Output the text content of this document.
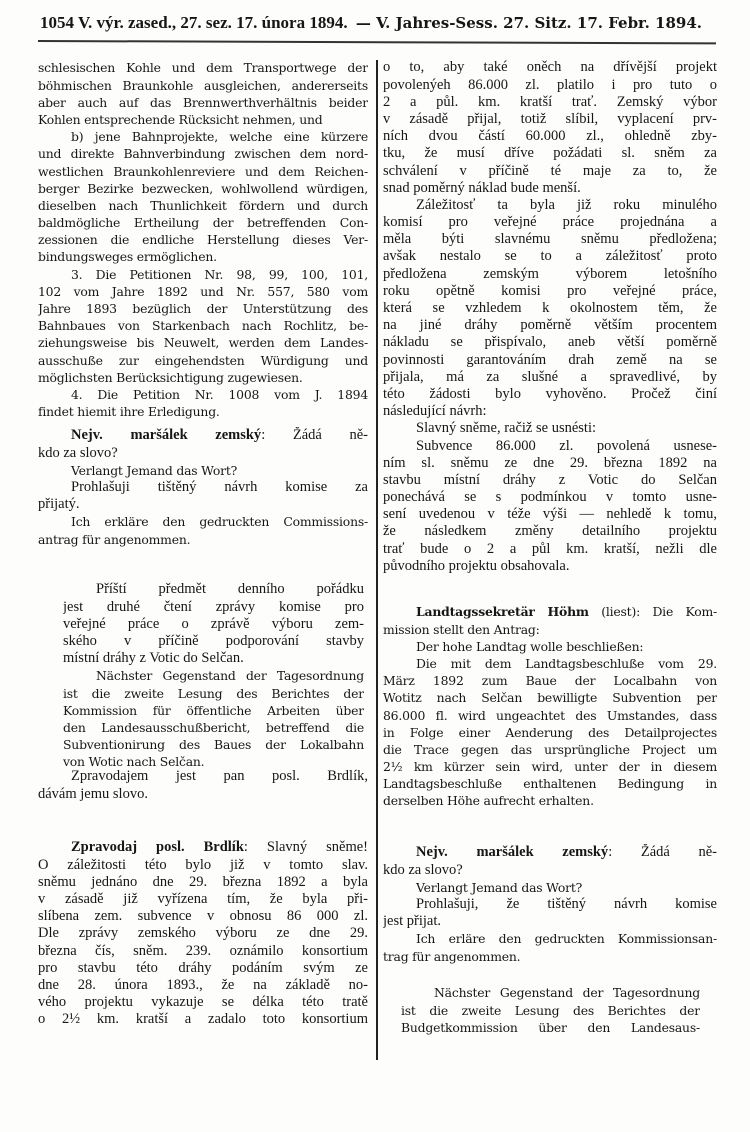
1054 V. výr. zased., 27. sez. 17. února 1894. — V. Jahres-Sess. 27. Sitz. 17. Febr. 1894.
schlesischen Kohle und dem Transportwege der
böhmischen Braunkohle ausgleichen, andererseits
aber auch auf das Brennwerthverhältnis beider
Kohlen entsprechende Rücksicht nehmen, und
b) jene Bahnprojekte, welche eine kürzere
und direkte Bahnverbindung zwischen dem nord-
westlichen Braunkohlenreviere und dem Reichen-
berger Bezirke bezwecken, wohlwollend würdigen,
dieselben nach Thunlichkeit fördern und durch
baldmögliche Ertheilung der betreffenden Con-
zessionen die endliche Herstellung dieses Ver-
bindungsweges ermöglichen.
3. Die Petitionen Nr. 98, 99, 100, 101,
102 vom Jahre 1892 und Nr. 557, 580 vom
Jahre 1893 bezüglich der Unterstützung des
Bahnbaues von Starkenbach nach Rochlitz, be-
ziehungsweise bis Neuwelt, werden dem Landes-
ausschuße zur eingehendsten Würdigung und
möglichsten Berücksichtigung zugewiesen.
4. Die Petition Nr. 1008 vom J. 1894
findet hiemit ihre Erledigung.
Nejv. maršálek zemský: Žádá ně-
kdo za slovo?
Verlangt Jemand das Wort?
Prohlašuji tištěný návrh komise za
přijatý.
Ich erkläre den gedruckten Commissions-
antrag für angenommen.
Příští předmět denního pořádku
jest druhé čtení zprávy komise pro
veřejné práce o zprávě výboru zem-
ského v příčině podporování stavby
místní dráhy z Votic do Selčan.
Nächster Gegenstand der Tagesordnung
ist die zweite Lesung des Berichtes der
Kommission für öffentliche Arbeiten über
den Landesausschußbericht, betreffend die
Subventionirung des Baues der Lokalbahn
von Wotic nach Selčan.
Zpravodajem jest pan posl. Brdlík,
dávám jemu slovo.
Zpravodaj posl. Brdlík: Slavný sněme!
O záležitosti této bylo již v tomto slav.
sněmu jednáno dne 29. března 1892 a byla
v zásadě již vyřízena tím, že byla při-
slíbena zem. subvence v obnosu 86 000 zl.
Dle zprávy zemského výboru ze dne 29.
března čís, sněm. 239. oznámilo konsortium
pro stavbu této dráhy podáním svým ze
dne 28. února 1893., že na základě no-
vého projektu vykazuje se délka této tratě
o 2½ km. kratší a zadalo toto konsortium
o to, aby také oněch na dřívější projekt
povolenýeh 86.000 zl. platilo i pro tuto o
2 a půl. km. kratší trať. Zemský výbor
v zásadě přijal, totiž slíbil, vyplacení prv-
ních dvou částí 60.000 zl., ohledně zby-
tku, že musí dříve požádati sl. sněm za
schválení v příčině té maje za to, že
snad poměrný náklad bude menší.
Záležitosť ta byla již roku minulého
komisí pro veřejné práce projednána a
měla býti slavnému sněmu předložena;
avšak nestalo se to a záležitosť proto
předložena zemským výborem letošního
roku opětně komisi pro veřejné práce,
která se vzhledem k okolnostem těm, že
na jiné dráhy poměrně větším procentem
nákladu se přispívalo, aneb větší poměrně
povinnosti garantováním drah země na se
přijala, má za slušné a spravedlivé, by
této žádosti bylo vyhověno. Pročež činí
následující návrh:
Slavný sněme, račiž se usnésti:
Subvence 86.000 zl. povolená usnese-
ním sl. sněmu ze dne 29. března 1892 na
stavbu místní dráhy z Votic do Selčan
ponechává se s podmínkou v tomto usne-
sení uvedenou v téže výši — nehledě k tomu,
že následkem změny detailního projektu
trať bude o 2 a půl km. kratší, nežli dle
původního projektu obsahovala.
Landtagssekretär Höhm (liest): Die Kom-
mission stellt den Antrag:
Der hohe Landtag wolle beschließen:
Die mit dem Landtagsbeschluße vom 29.
März 1892 zum Baue der Localbahn von
Wotitz nach Selčan bewilligte Subvention per
86.000 fl. wird ungeachtet des Umstandes, dass
in Folge einer Aenderung des Detailprojectes
die Trace gegen das ursprüngliche Project um
2½ km kürzer sein wird, unter der in diesem
Landtagsbeschluße enthaltenen Bedingung in
derselben Höhe aufrecht erhalten.
Nejv. maršálek zemský: Žádá ně-
kdo za slovo?
Verlangt Jemand das Wort?
Prohlašuji, že tištěný návrh komise
jest přijat.
Ich erläre den gedruckten Kommissionsan-
trag für angenommen.
Nächster Gegenstand der Tagesordnung
ist die zweite Lesung des Berichtes der
Budgetkommission über den Landesaus-
